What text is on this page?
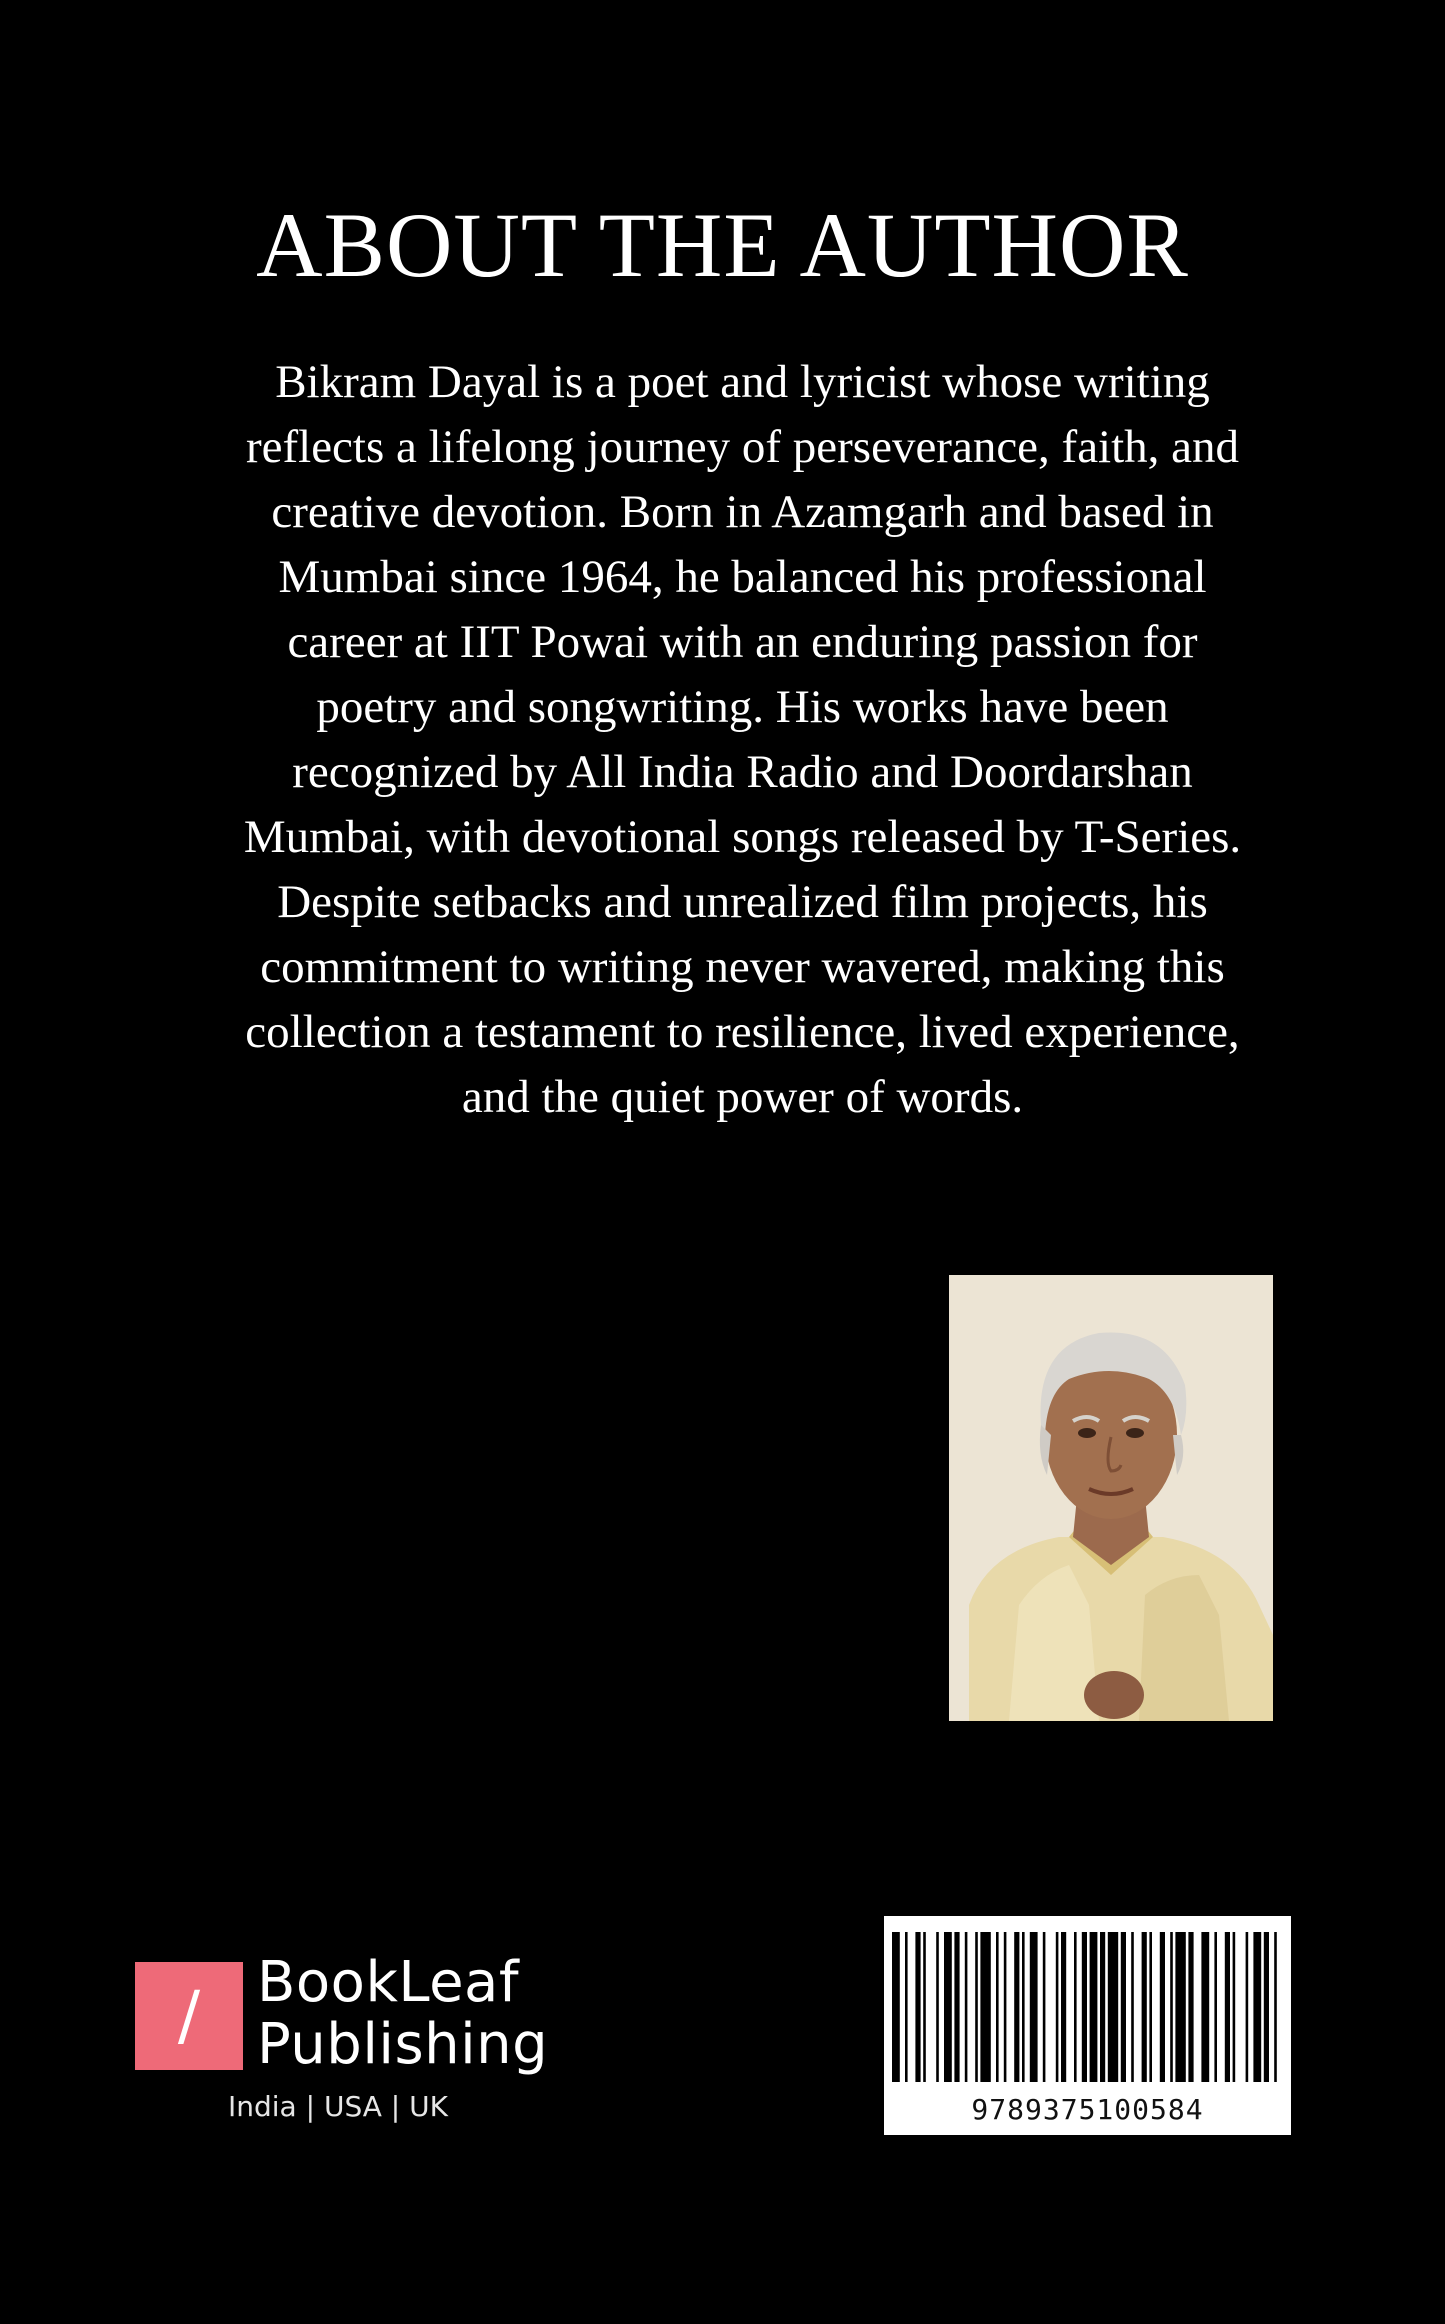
ABOUT THE AUTHOR
Bikram Dayal is a poet and lyricist whose writing
reflects a lifelong journey of perseverance, faith, and
creative devotion. Born in Azamgarh and based in
Mumbai since 1964, he balanced his professional
career at IIT Powai with an enduring passion for
poetry and songwriting. His works have been
recognized by All India Radio and Doordarshan
Mumbai, with devotional songs released by T-Series.
Despite setbacks and unrealized film projects, his
commitment to writing never wavered, making this
collection a testament to resilience, lived experience,
and the quiet power of words.
/	BookLeaf
Publishing
India | USA | UK	9789375100584
